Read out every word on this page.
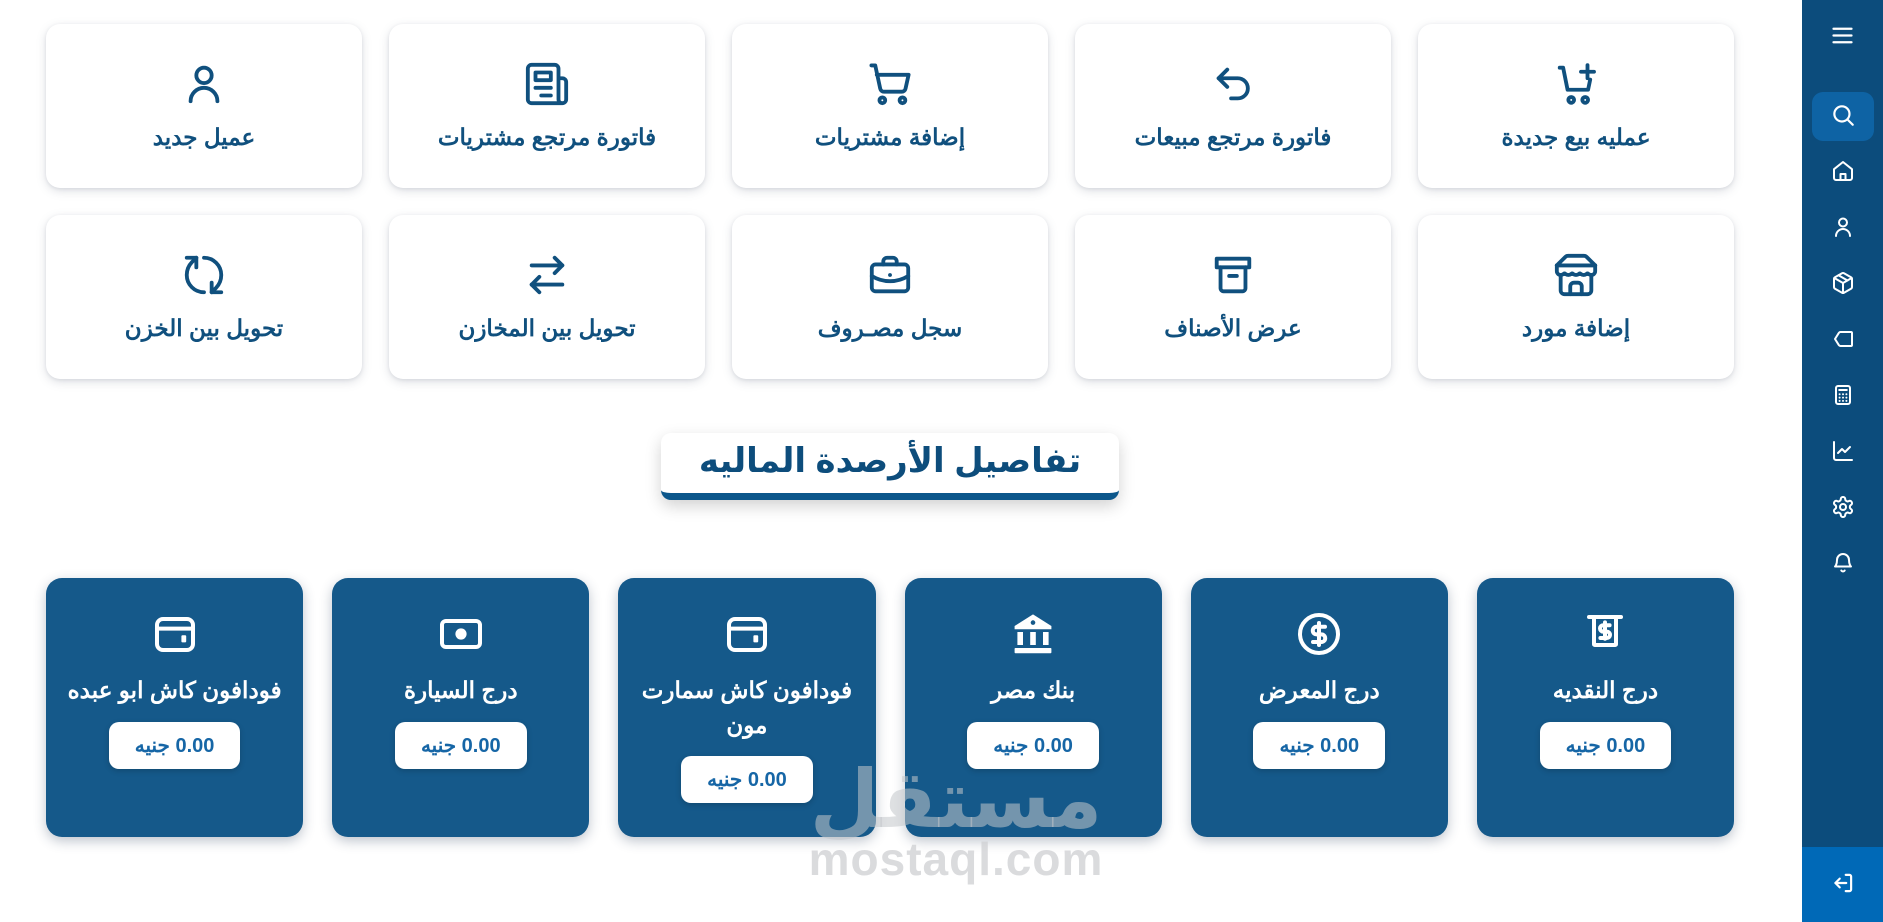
عمليه بيع جديدة
فاتورة مرتجع مبيعات
إضافة مشتريات
فاتورة مرتجع مشتريات
عميل جديد
إضافة مورد
عرض الأصناف
سجل مصـروف
تحويل بين المخازن
تحويل بين الخزن
تفاصيل الأرصدة الماليه
درج النقديه
0.00 جنيه
درج المعرض
0.00 جنيه
بنك مصر
0.00 جنيه
فودافون كاش سمارت مون
0.00 جنيه
درج السيارة
0.00 جنيه
فودافون كاش ابو عبده
0.00 جنيه
مستقل
mostaql.com
